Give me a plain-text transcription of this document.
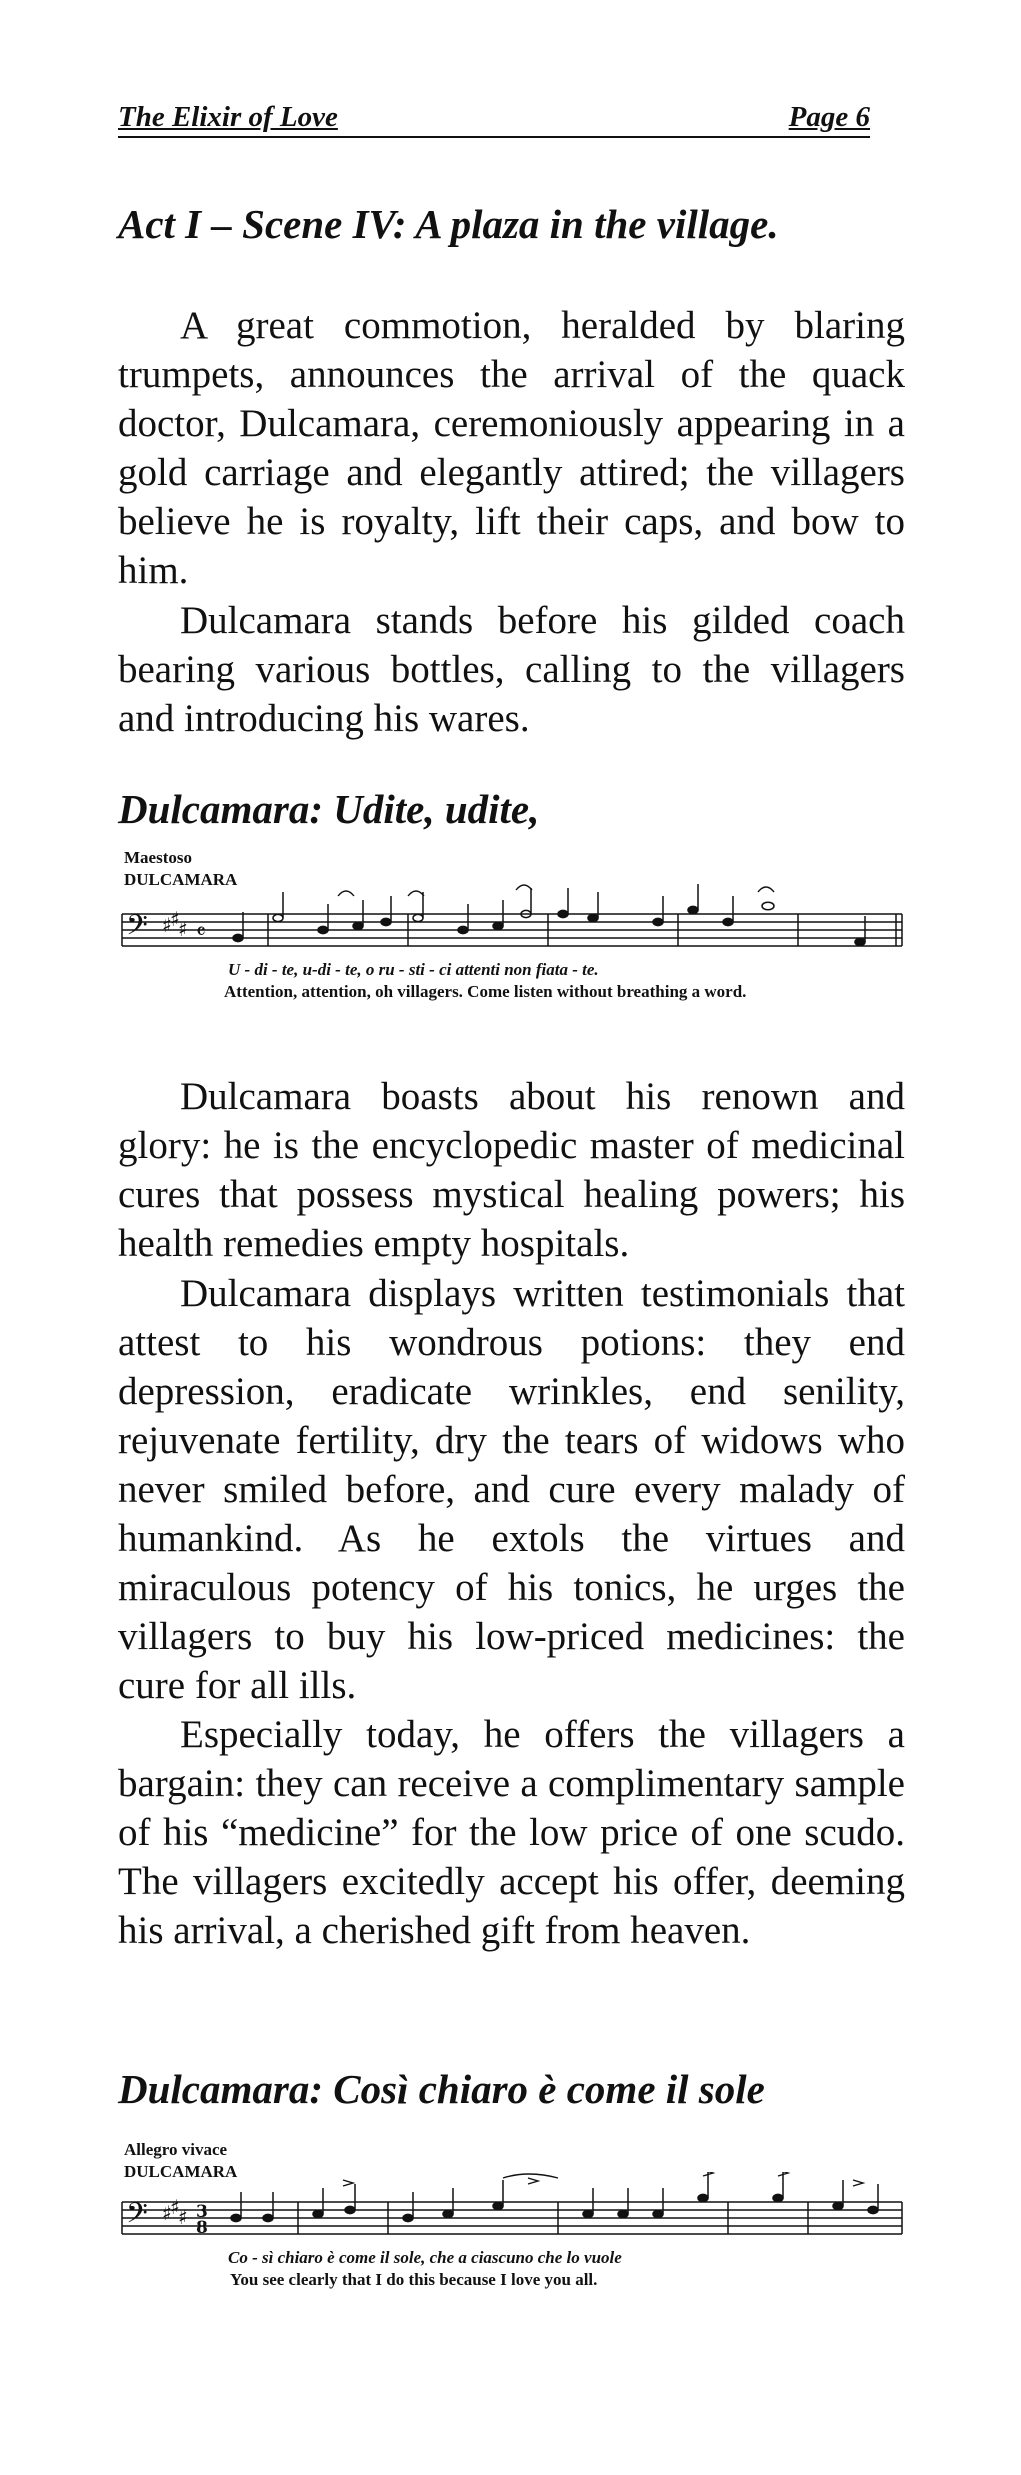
The Elixir of Love	Page 6
Act I – Scene IV: A plaza in the village.
A great commotion, heralded by blaring trumpets, announces the arrival of the quack doctor, Dulcamara, ceremoniously appearing in a gold carriage and elegantly attired; the villagers believe he is royalty, lift their caps, and bow to him.
Dulcamara stands before his gilded coach bearing various bottles, calling to the villagers and introducing his wares.
Dulcamara: Udite, udite,
Maestoso
DULCAMARA
𝄢 ♯
♯
♯ 𝄴
U - di - te, u-di - te, o ru - sti - ci attenti non fiata - te.
Attention, attention, oh villagers. Come listen without breathing a word.
Dulcamara boasts about his renown and glory: he is the encyclopedic master of medicinal cures that possess mystical healing powers; his health remedies empty hospitals.
Dulcamara displays written testimonials that attest to his wondrous potions: they end depression, eradicate wrinkles, end senility, rejuvenate fertility, dry the tears of widows who never smiled before, and cure every malady of humankind. As he extols the virtues and miraculous potency of his tonics, he urges the villagers to buy his low-priced medicines: the cure for all ills.
Especially today, he offers the villagers a bargain: they can receive a complimentary sample of his “medicine” for the low price of one scudo. The villagers excitedly accept his offer, deeming his arrival, a cherished gift from heaven.
Dulcamara: Così chiaro è come il sole
Allegro vivace
DULCAMARA
𝄢 ♯
♯
♯ 3
8
Co - sì chiaro è come il sole, che a ciascuno che lo vuole
You see clearly that I do this because I love you all.
